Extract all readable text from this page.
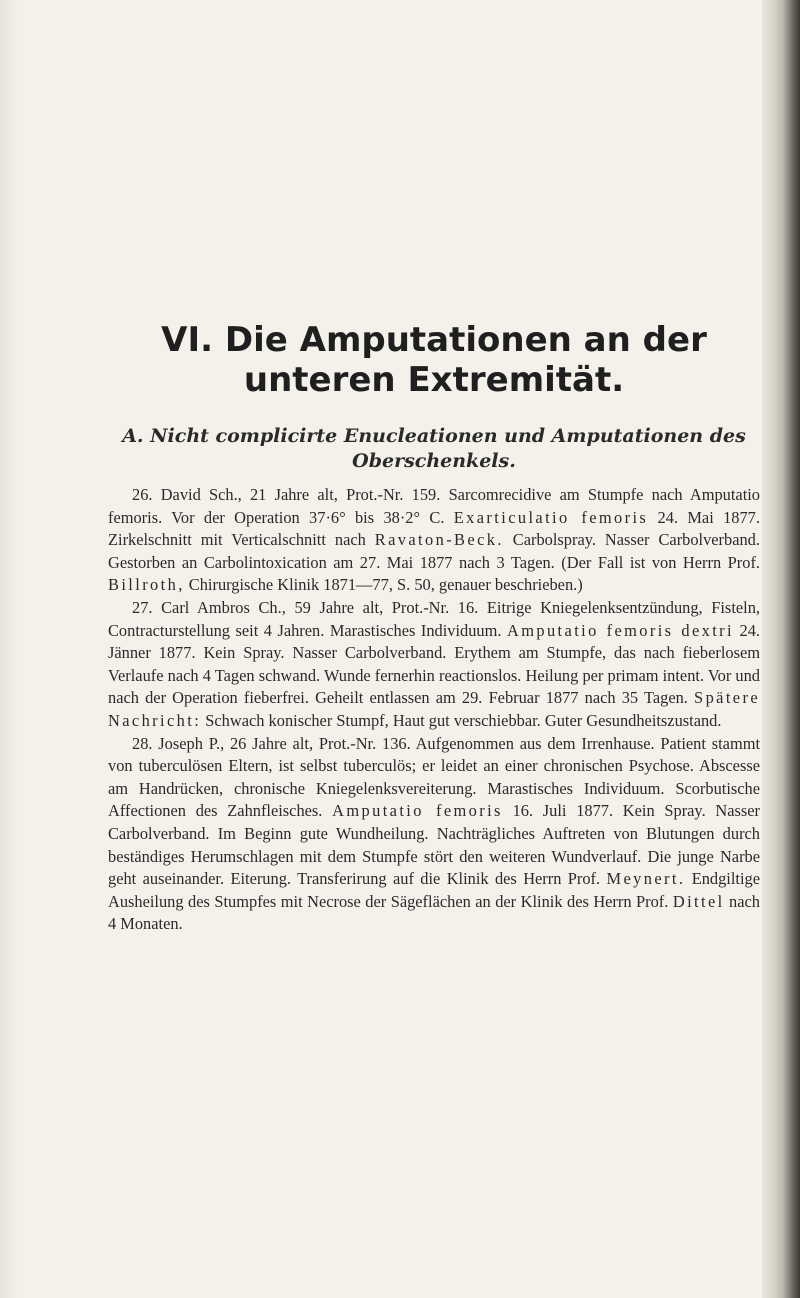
VI. Die Amputationen an der unteren Extremität.
A. Nicht complicirte Enucleationen und Amputationen des Oberschenkels.

26. David Sch., 21 Jahre alt, Prot.-Nr. 159. Sarcomrecidive am Stumpfe nach Amputatio femoris. Vor der Operation 37·6° bis 38·2° C. Exarticulatio femoris 24. Mai 1877. Zirkelschnitt mit Verticalschnitt nach Ravaton-Beck. Carbolspray. Nasser Carbolverband. Gestorben an Carbolintoxication am 27. Mai 1877 nach 3 Tagen. (Der Fall ist von Herrn Prof. Billroth, Chirurgische Klinik 1871—77, S. 50, genauer beschrieben.)

27. Carl Ambros Ch., 59 Jahre alt, Prot.-Nr. 16. Eitrige Kniegelenksentzündung, Fisteln, Contracturstellung seit 4 Jahren. Marastisches Individuum. Amputatio femoris dextri 24. Jänner 1877. Kein Spray. Nasser Carbolverband. Erythem am Stumpfe, das nach fieberlosem Verlaufe nach 4 Tagen schwand. Wunde fernerhin reactionslos. Heilung per primam intent. Vor und nach der Operation fieberfrei. Geheilt entlassen am 29. Februar 1877 nach 35 Tagen. Spätere Nachricht: Schwach konischer Stumpf, Haut gut verschiebbar. Guter Gesundheitszustand.

28. Joseph P., 26 Jahre alt, Prot.-Nr. 136. Aufgenommen aus dem Irrenhause. Patient stammt von tuberculösen Eltern, ist selbst tuberculös; er leidet an einer chronischen Psychose. Abscesse am Handrücken, chronische Kniegelenksvereiterung. Marastisches Individuum. Scorbutische Affectionen des Zahnfleisches. Amputatio femoris 16. Juli 1877. Kein Spray. Nasser Carbolverband. Im Beginn gute Wundheilung. Nachträgliches Auftreten von Blutungen durch beständiges Herumschlagen mit dem Stumpfe stört den weiteren Wundverlauf. Die junge Narbe geht auseinander. Eiterung. Transferirung auf die Klinik des Herrn Prof. Meynert. Endgiltige Ausheilung des Stumpfes mit Necrose der Sägeflächen an der Klinik des Herrn Prof. Dittel nach 4 Monaten.
